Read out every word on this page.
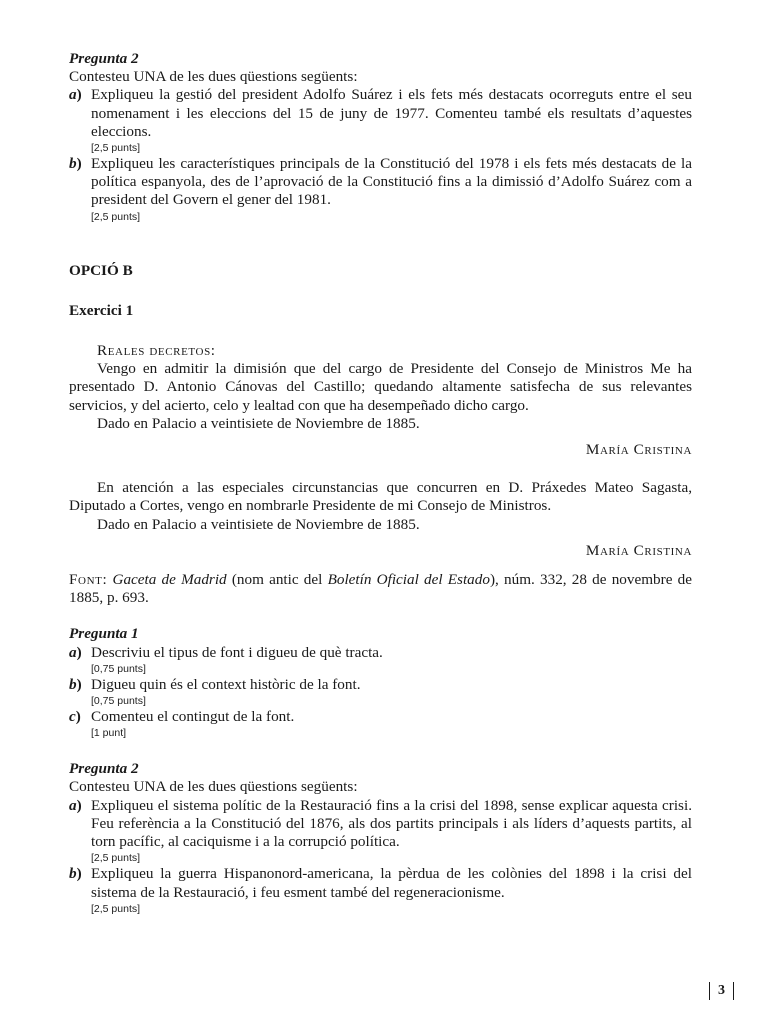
Pregunta 2

Contesteu UNA de les dues qüestions següents:

a) Expliqueu la gestió del president Adolfo Suárez i els fets més destacats ocorreguts entre el seu nomenament i les eleccions del 15 de juny de 1977. Comenteu també els resultats d’aquestes eleccions.

[2,5 punts]

b) Expliqueu les característiques principals de la Constitució del 1978 i els fets més destacats de la política espanyola, des de l’aprovació de la Constitució fins a la dimissió d’Adolfo Suárez com a president del Govern el gener del 1981.

[2,5 punts]

OPCIÓ B

Exercici 1

Reales decretos:

Vengo en admitir la dimisión que del cargo de Presidente del Consejo de Ministros Me ha presentado D. Antonio Cánovas del Castillo; quedando altamente satisfecha de sus relevantes servicios, y del acierto, celo y lealtad con que ha desempeñado dicho cargo.

Dado en Palacio a veintisiete de Noviembre de 1885.

María Cristina

En atención a las especiales circunstancias que concurren en D. Práxedes Mateo Sagasta, Diputado a Cortes, vengo en nombrarle Presidente de mi Consejo de Ministros.

Dado en Palacio a veintisiete de Noviembre de 1885.

María Cristina

Font: Gaceta de Madrid (nom antic del Boletín Oficial del Estado), núm. 332, 28 de novembre de 1885, p. 693.

Pregunta 1

a) Descriviu el tipus de font i digueu de què tracta.

[0,75 punts]

b) Digueu quin és el context històric de la font.

[0,75 punts]

c) Comenteu el contingut de la font.

[1 punt]

Pregunta 2

Contesteu UNA de les dues qüestions següents:

a) Expliqueu el sistema polític de la Restauració fins a la crisi del 1898, sense explicar aquesta crisi. Feu referència a la Constitució del 1876, als dos partits principals i als líders d’aquests partits, al torn pacífic, al caciquisme i a la corrupció política.

[2,5 punts]

b) Expliqueu la guerra Hispanonord-americana, la pèrdua de les colònies del 1898 i la crisi del sistema de la Restauració, i feu esment també del regeneracionisme.

[2,5 punts]

3
